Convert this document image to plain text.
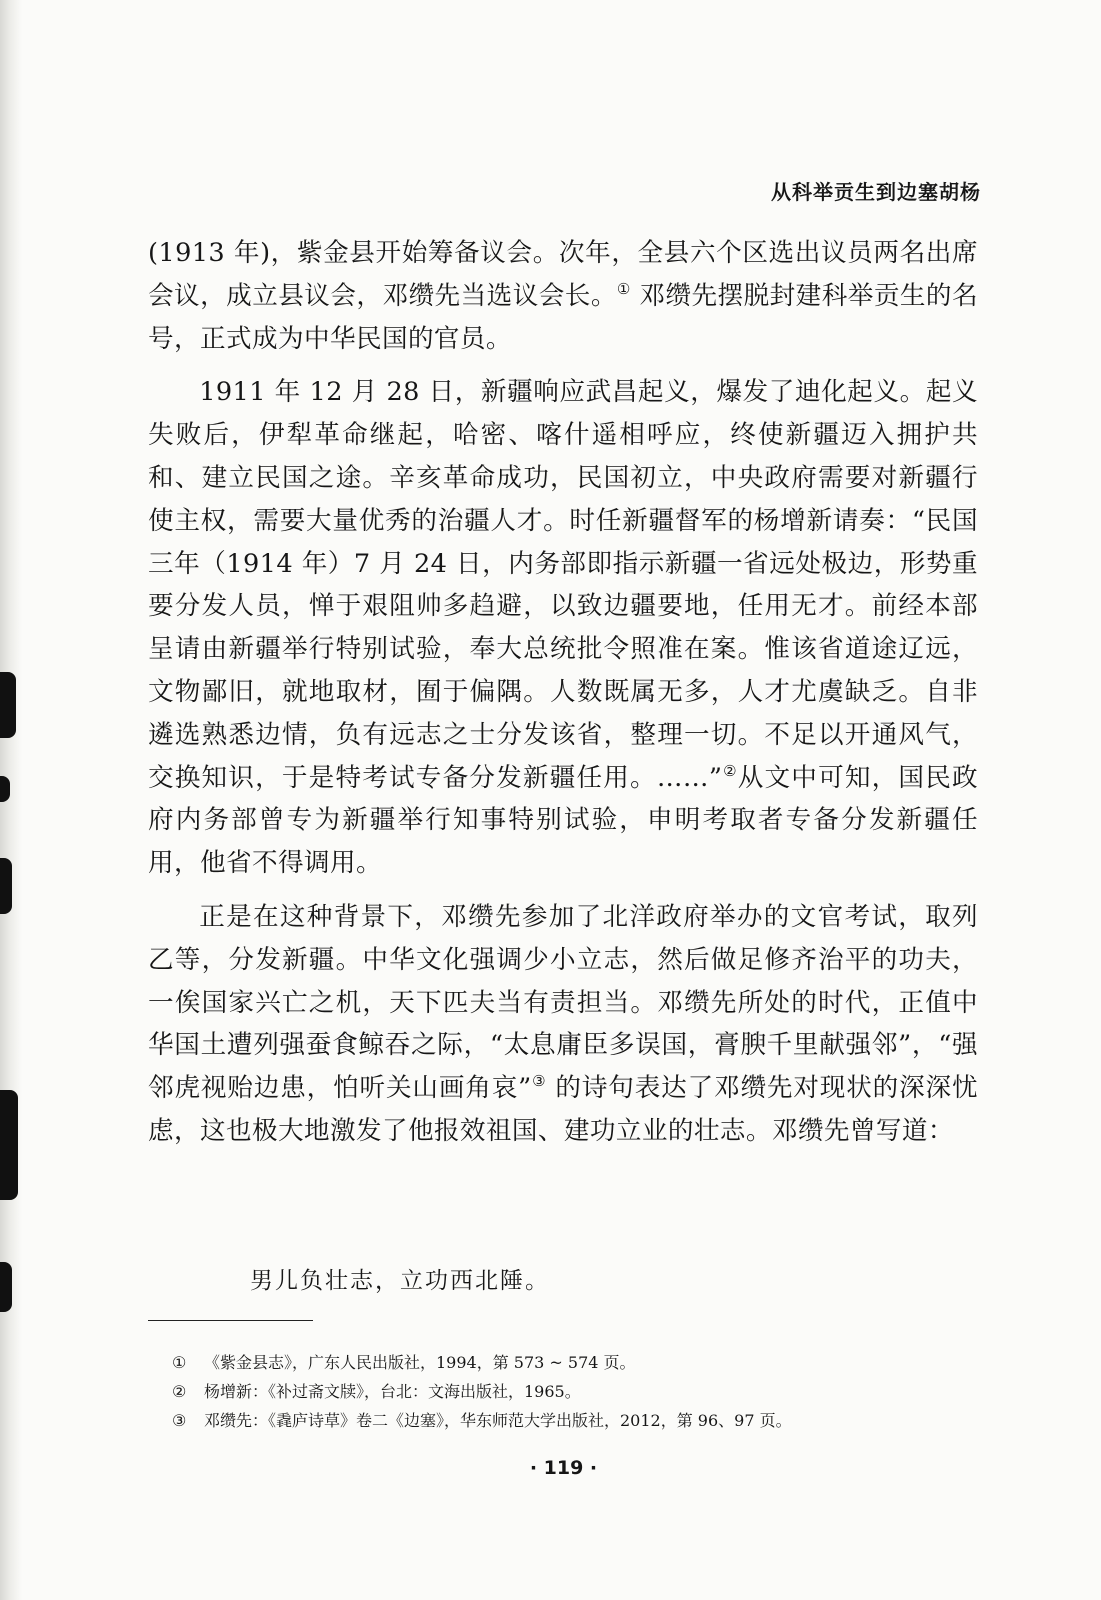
从科举贡生到边塞胡杨

(1913 年)，紫金县开始筹备议会。次年，全县六个区选出议员两名出席会议，成立县议会，邓缵先当选议会长。① 邓缵先摆脱封建科举贡生的名号，正式成为中华民国的官员。

1911 年 12 月 28 日，新疆响应武昌起义，爆发了迪化起义。起义失败后，伊犁革命继起，哈密、喀什遥相呼应，终使新疆迈入拥护共和、建立民国之途。辛亥革命成功，民国初立，中央政府需要对新疆行使主权，需要大量优秀的治疆人才。时任新疆督军的杨增新请奏：“民国三年（1914 年）7 月 24 日，内务部即指示新疆一省远处极边，形势重要分发人员，惮于艰阻帅多趋避，以致边疆要地，任用无才。前经本部呈请由新疆举行特别试验，奉大总统批令照准在案。惟该省道途辽远，文物鄙旧，就地取材，囿于偏隅。人数既属无多，人才尤虞缺乏。自非遴选熟悉边情，负有远志之士分发该省，整理一切。不足以开通风气，交换知识，于是特考试专备分发新疆任用。……”②从文中可知，国民政府内务部曾专为新疆举行知事特别试验，申明考取者专备分发新疆任用，他省不得调用。

正是在这种背景下，邓缵先参加了北洋政府举办的文官考试，取列乙等，分发新疆。中华文化强调少小立志，然后做足修齐治平的功夫，一俟国家兴亡之机，天下匹夫当有责担当。邓缵先所处的时代，正值中华国土遭列强蚕食鲸吞之际，“太息庸臣多误国，膏腴千里献强邻”，“强邻虎视贻边患，怕听关山画角哀”③ 的诗句表达了邓缵先对现状的深深忧虑，这也极大地激发了他报效祖国、建功立业的壮志。邓缵先曾写道：

男儿负壮志，立功西北陲。
① 《紫金县志》，广东人民出版社，1994，第 573 ~ 574 页。
② 杨增新：《补过斋文牍》，台北：文海出版社，1965。
③ 邓缵先：《毳庐诗草》卷二《边塞》，华东师范大学出版社，2012，第 96、97 页。
· 119 ·
